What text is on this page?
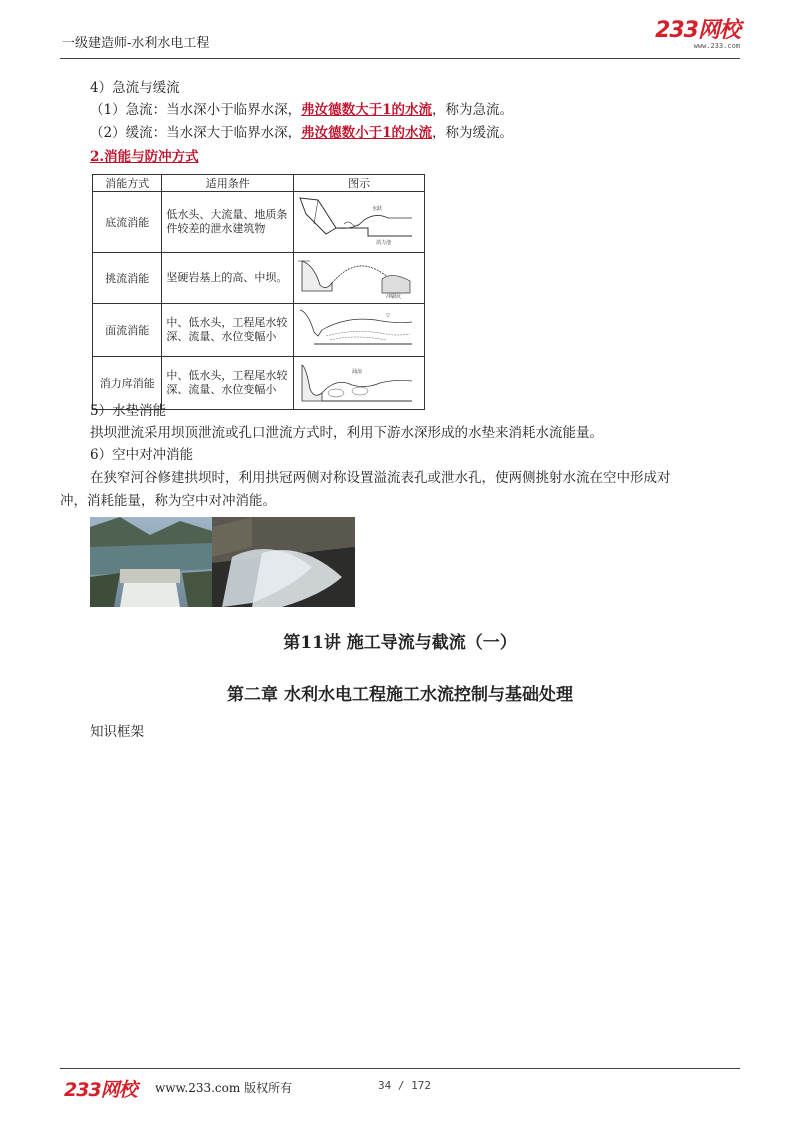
一级建造师-水利水电工程
233网校
www.233.com
4）急流与缓流
（1）急流：当水深小于临界水深，弗汝德数大于1的水流，称为急流。
（2）缓流：当水深大于临界水深，弗汝德数小于1的水流，称为缓流。
2.消能与防冲方式
消能方式	适用条件	图示
底流消能	低水头、大流量、地质条件较差的泄水建筑物	水跃
消力池

挑流消能	坚硬岩基上的高、中坝。	冲刷坑

面流消能	中、低水头，工程尾水较深、流量、水位变幅小	▽

消力戽消能	中、低水头，工程尾水较深、流量、水位变幅小	涌浪
5）水垫消能
拱坝泄流采用坝顶泄流或孔口泄流方式时，利用下游水深形成的水垫来消耗水流能量。
6）空中对冲消能
在狭窄河谷修建拱坝时，利用拱冠两侧对称设置溢流表孔或泄水孔，使两侧挑射水流在空中形成对
冲，消耗能量，称为空中对冲消能。
第11讲 施工导流与截流（一）
第二章 水利水电工程施工水流控制与基础处理
知识框架
233网校 www.233.com 版权所有	34 / 172
